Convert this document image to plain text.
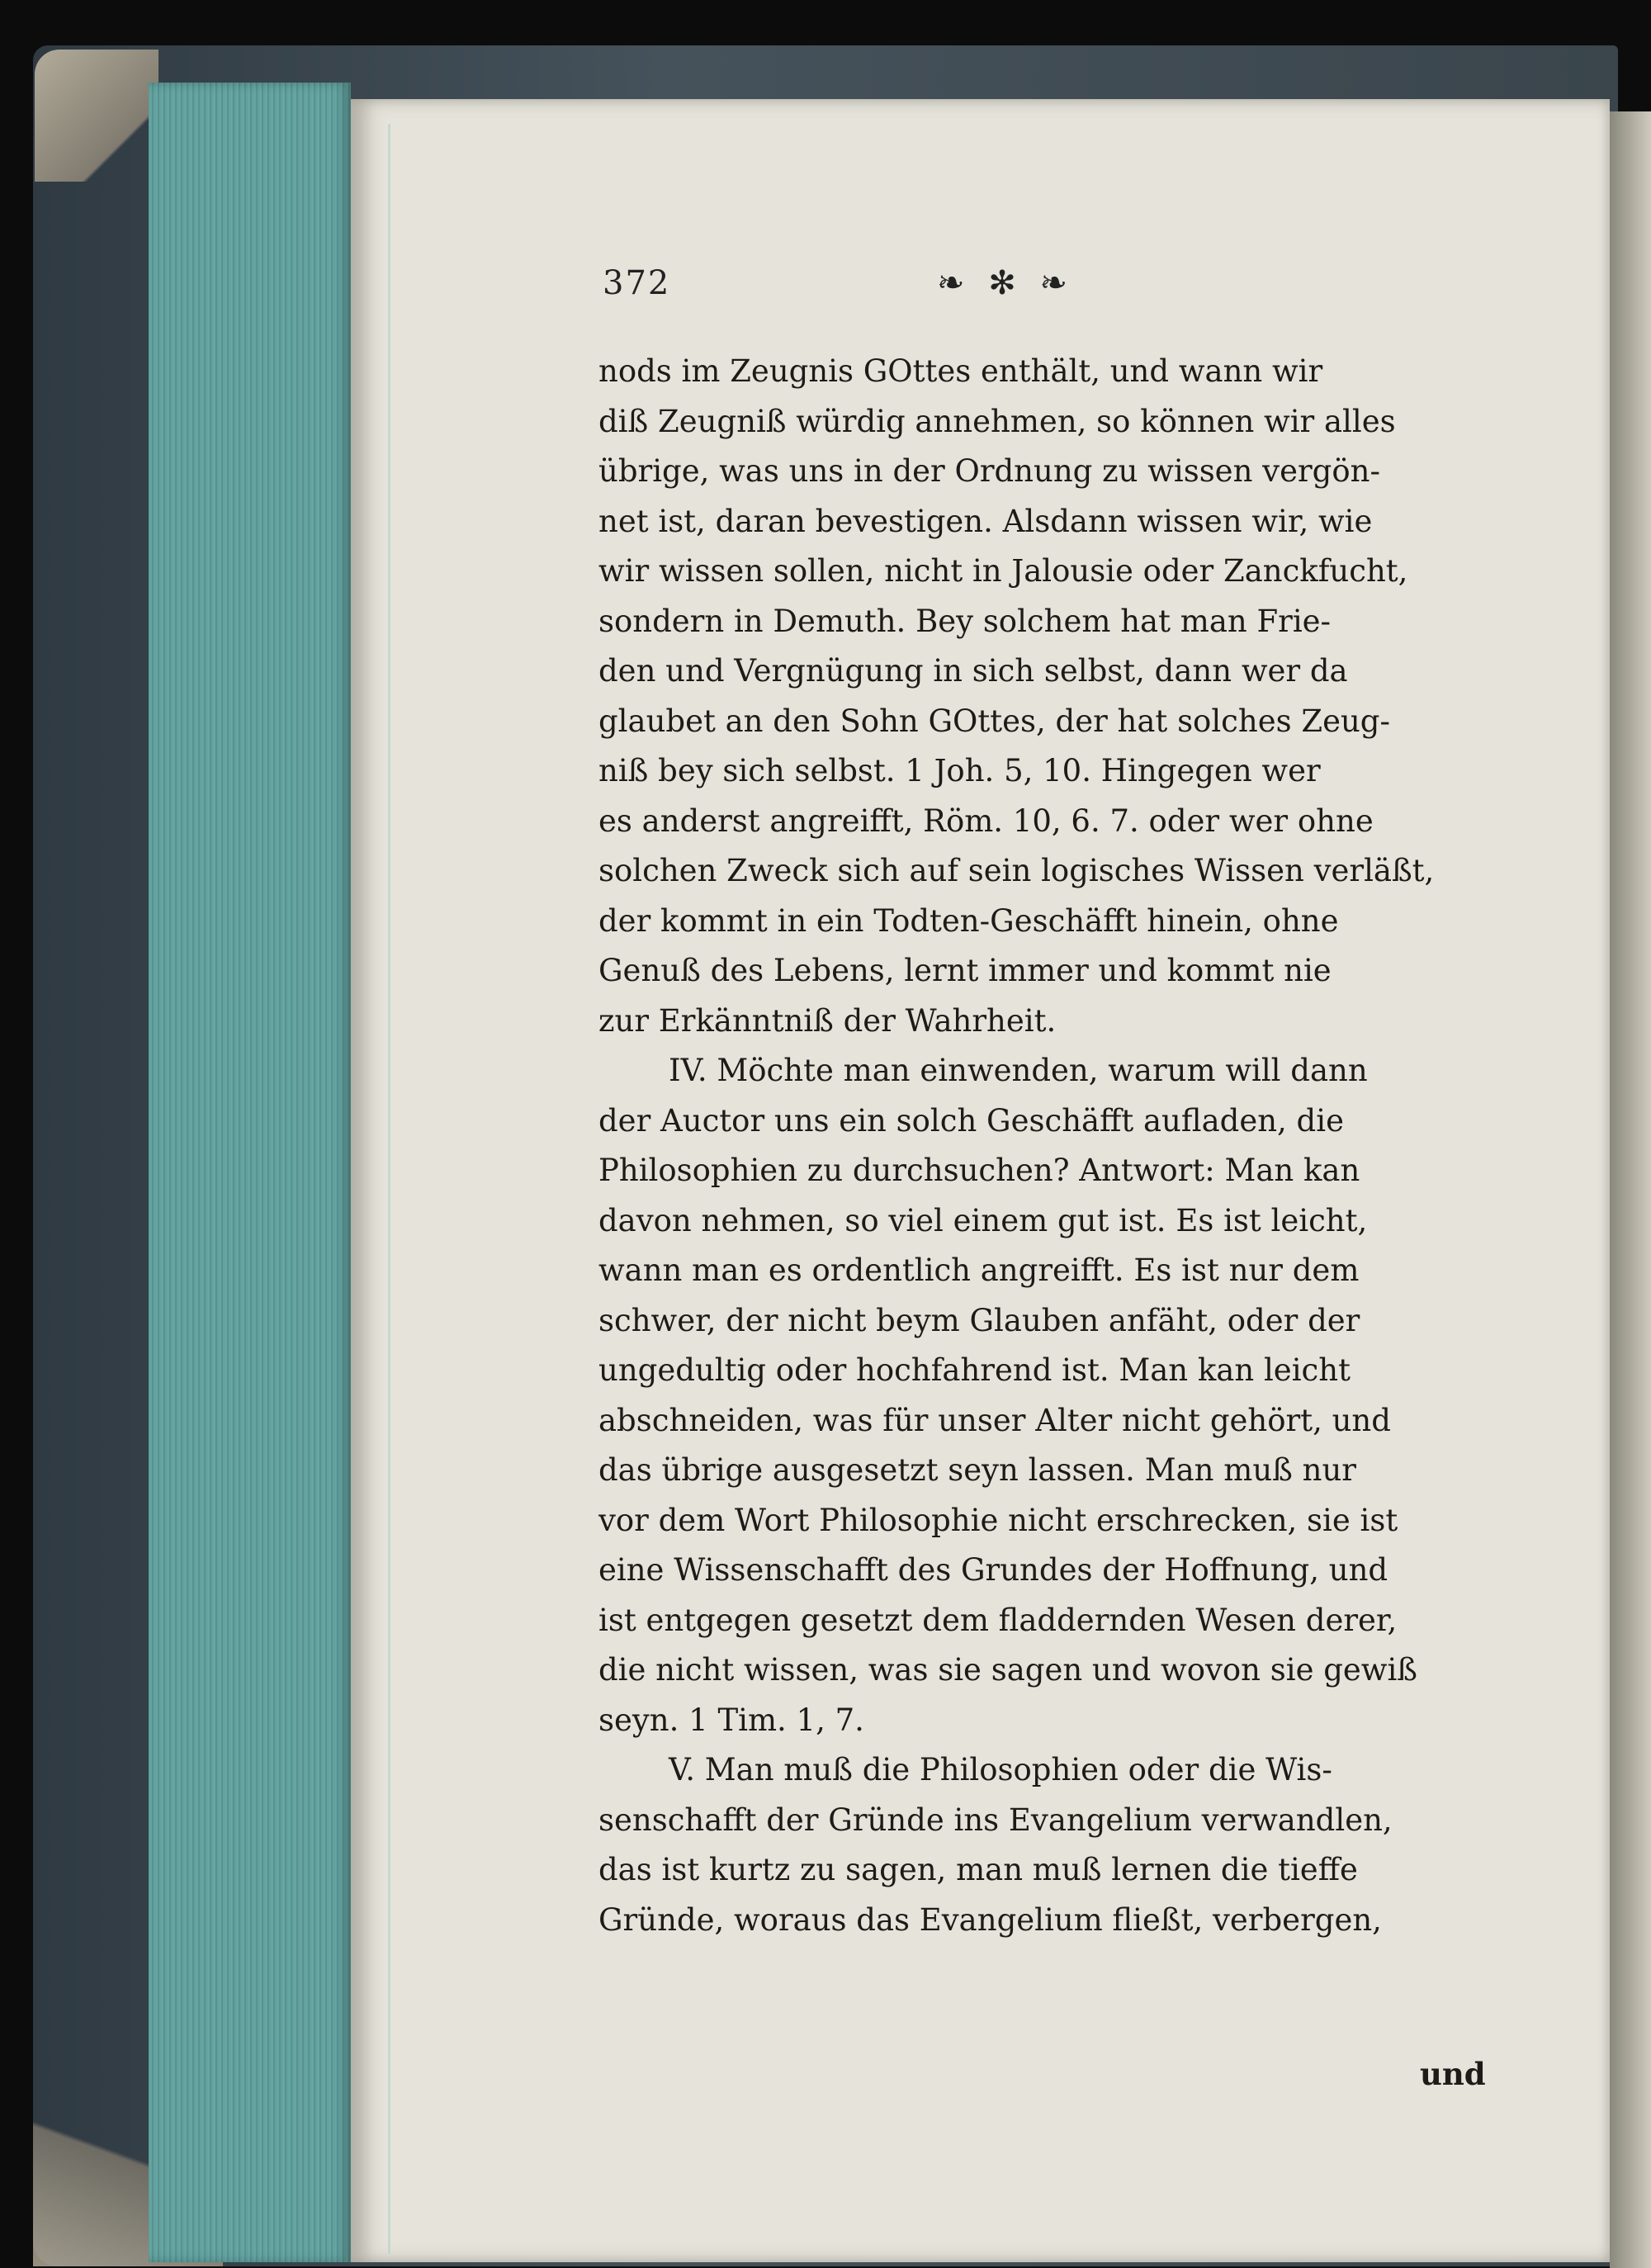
372	❧ ✻ ❧
nods im Zeugnis GOttes enthält, und wann wir
diß Zeugniß würdig annehmen, so können wir alles
übrige, was uns in der Ordnung zu wissen vergön-
net ist, daran bevestigen. Alsdann wissen wir, wie
wir wissen sollen, nicht in Jalousie oder Zanckfucht,
sondern in Demuth. Bey solchem hat man Frie-
den und Vergnügung in sich selbst, dann wer da
glaubet an den Sohn GOttes, der hat solches Zeug-
niß bey sich selbst. 1 Joh. 5, 10. Hingegen wer
es anderst angreifft, Röm. 10, 6. 7. oder wer ohne
solchen Zweck sich auf sein logisches Wissen verläßt,
der kommt in ein Todten-Geschäfft hinein, ohne
Genuß des Lebens, lernt immer und kommt nie
zur Erkänntniß der Wahrheit.
IV. Möchte man einwenden, warum will dann
der Auctor uns ein solch Geschäfft aufladen, die
Philosophien zu durchsuchen? Antwort: Man kan
davon nehmen, so viel einem gut ist. Es ist leicht,
wann man es ordentlich angreifft. Es ist nur dem
schwer, der nicht beym Glauben anfäht, oder der
ungedultig oder hochfahrend ist. Man kan leicht
abschneiden, was für unser Alter nicht gehört, und
das übrige ausgesetzt seyn lassen. Man muß nur
vor dem Wort Philosophie nicht erschrecken, sie ist
eine Wissenschafft des Grundes der Hoffnung, und
ist entgegen gesetzt dem fladdernden Wesen derer,
die nicht wissen, was sie sagen und wovon sie gewiß
seyn. 1 Tim. 1, 7.
V. Man muß die Philosophien oder die Wis-
senschafft der Gründe ins Evangelium verwandlen,
das ist kurtz zu sagen, man muß lernen die tieffe
Gründe, woraus das Evangelium fließt, verbergen,
und
